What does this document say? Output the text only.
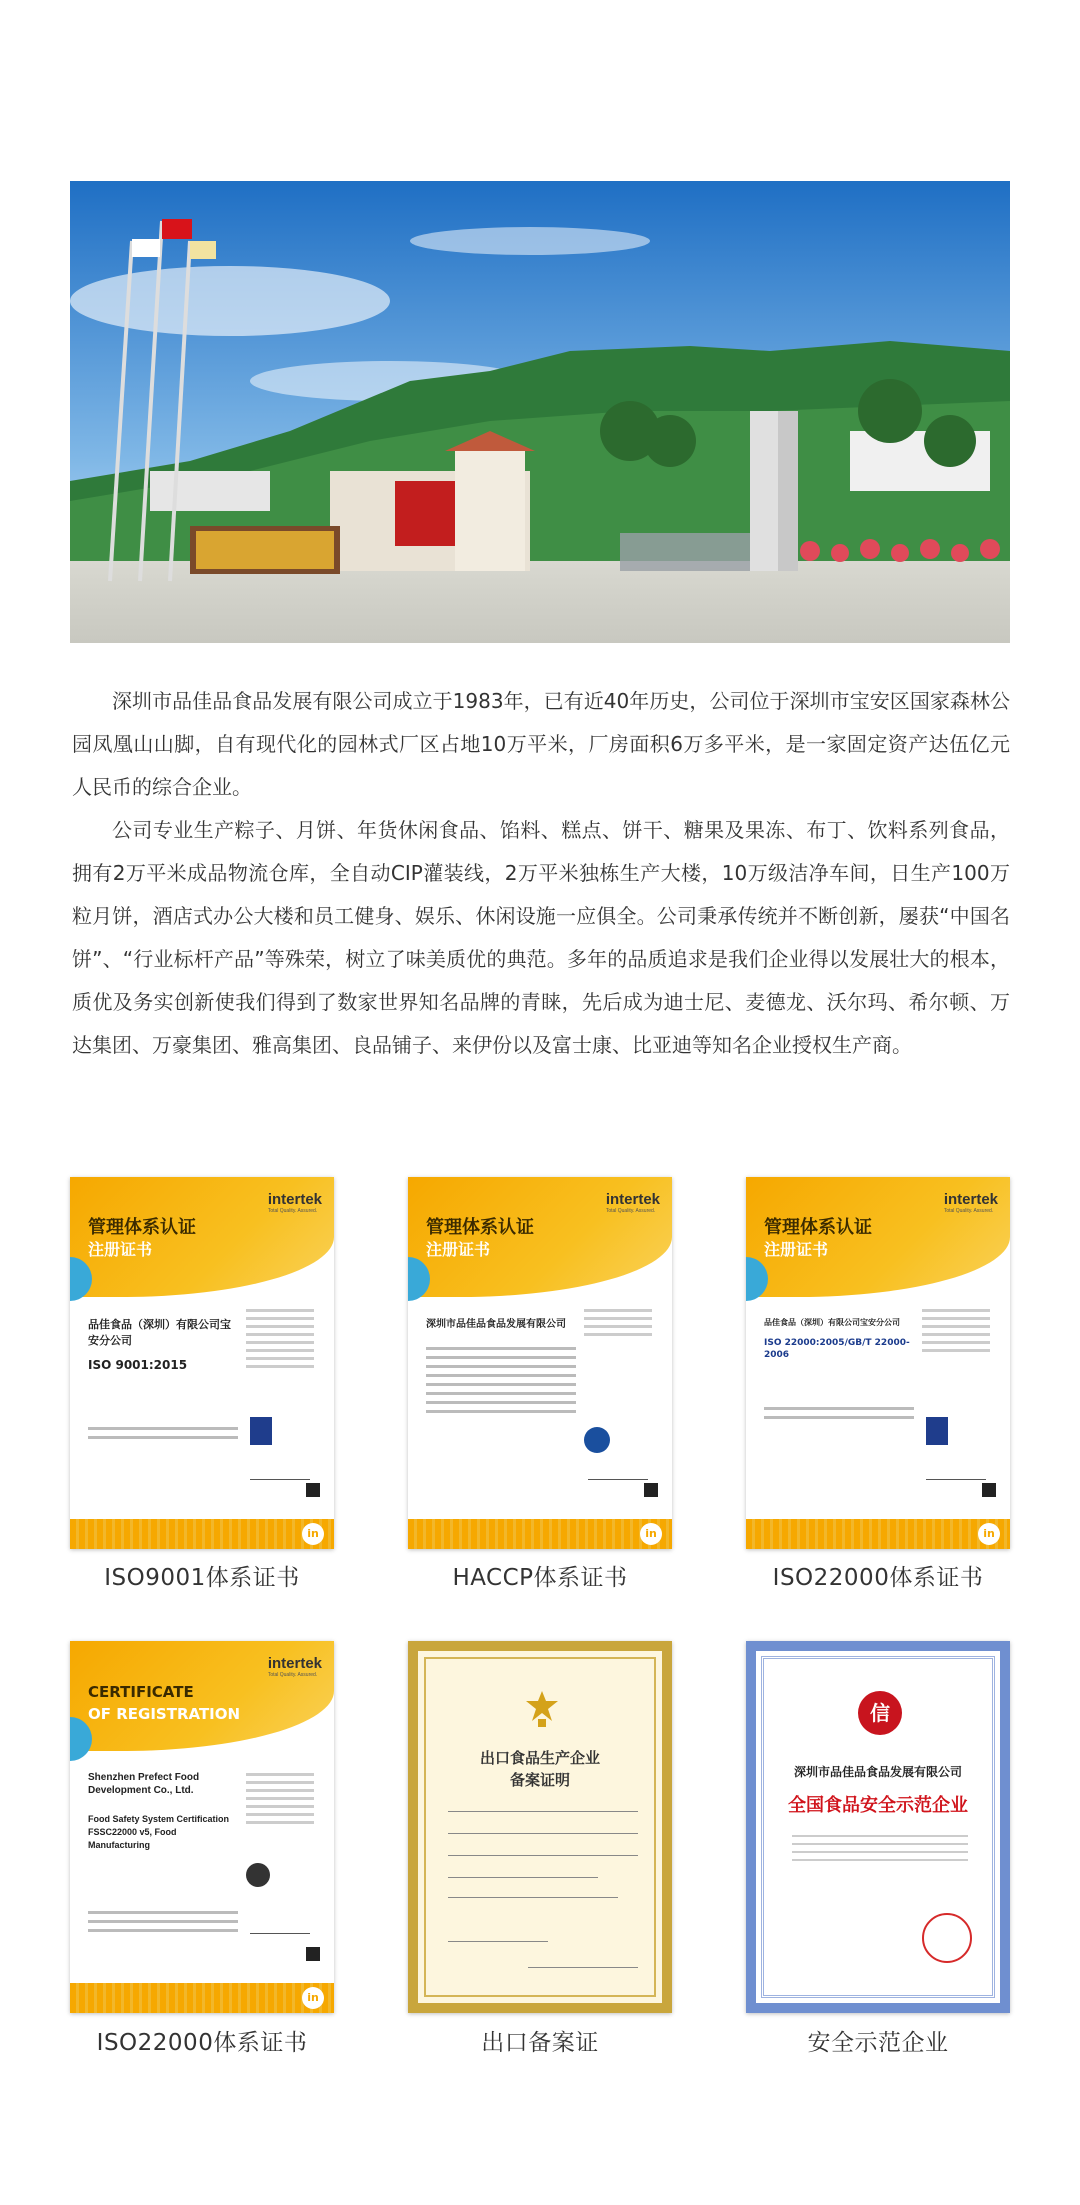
深圳市品佳品食品发展有限公司成立于1983年，已有近40年历史，公司位于深圳市宝安区国家森林公园凤凰山山脚，自有现代化的园林式厂区占地10万平米，厂房面积6万多平米，是一家固定资产达伍亿元人民币的综合企业。

公司专业生产粽子、月饼、年货休闲食品、馅料、糕点、饼干、糖果及果冻、布丁、饮料系列食品，拥有2万平米成品物流仓库，全自动CIP灌装线，2万平米独栋生产大楼，10万级洁净车间，日生产100万粒月饼，酒店式办公大楼和员工健身、娱乐、休闲设施一应俱全。公司秉承传统并不断创新，屡获“中国名饼”、“行业标杆产品”等殊荣，树立了味美质优的典范。多年的品质追求是我们企业得以发展壮大的根本，质优及务实创新使我们得到了数家世界知名品牌的青睐，先后成为迪士尼、麦德龙、沃尔玛、希尔顿、万达集团、万豪集团、雅高集团、良品铺子、来伊份以及富士康、比亚迪等知名企业授权生产商。

intertek
Total Quality. Assured.
管理体系认证
注册证书
品佳食品（深圳）有限公司宝安分公司
ISO 9001:2015
in
ISO9001体系证书
intertek
Total Quality. Assured.
管理体系认证
注册证书
深圳市品佳品食品发展有限公司
in
HACCP体系证书
intertek
Total Quality. Assured.
管理体系认证
注册证书
品佳食品（深圳）有限公司宝安分公司
ISO 22000:2005/GB/T 22000-2006
in
ISO22000体系证书
intertek
Total Quality. Assured.
CERTIFICATE
OF REGISTRATION
Shenzhen Prefect Food Development Co., Ltd.
Food Safety System Certification FSSC22000 v5, Food Manufacturing
in
ISO22000体系证书
出口食品生产企业
备案证明
出口备案证
信
深圳市品佳品食品发展有限公司
全国食品安全示范企业
安全示范企业
